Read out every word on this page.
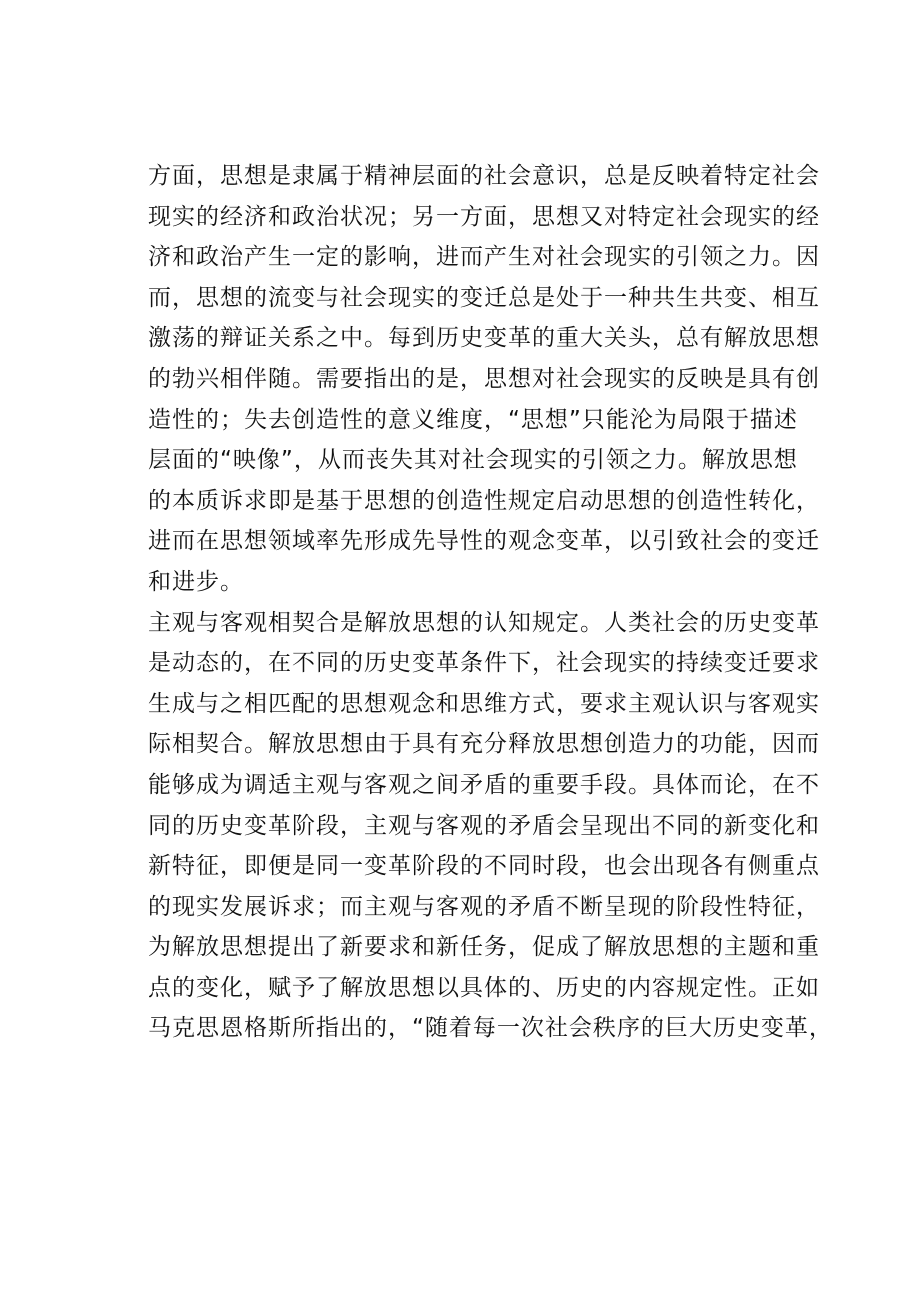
方面，思想是隶属于精神层面的社会意识，总是反映着特定社会
现实的经济和政治状况；另一方面，思想又对特定社会现实的经
济和政治产生一定的影响，进而产生对社会现实的引领之力。因
而，思想的流变与社会现实的变迁总是处于一种共生共变、相互
激荡的辩证关系之中。每到历史变革的重大关头，总有解放思想
的勃兴相伴随。需要指出的是，思想对社会现实的反映是具有创
造性的；失去创造性的意义维度，“思想”只能沦为局限于描述
层面的“映像”，从而丧失其对社会现实的引领之力。解放思想
的本质诉求即是基于思想的创造性规定启动思想的创造性转化，
进而在思想领域率先形成先导性的观念变革，以引致社会的变迁
和进步。
主观与客观相契合是解放思想的认知规定。人类社会的历史变革
是动态的，在不同的历史变革条件下，社会现实的持续变迁要求
生成与之相匹配的思想观念和思维方式，要求主观认识与客观实
际相契合。解放思想由于具有充分释放思想创造力的功能，因而
能够成为调适主观与客观之间矛盾的重要手段。具体而论，在不
同的历史变革阶段，主观与客观的矛盾会呈现出不同的新变化和
新特征，即便是同一变革阶段的不同时段，也会出现各有侧重点
的现实发展诉求；而主观与客观的矛盾不断呈现的阶段性特征，
为解放思想提出了新要求和新任务，促成了解放思想的主题和重
点的变化，赋予了解放思想以具体的、历史的内容规定性。正如
马克思恩格斯所指出的，“随着每一次社会秩序的巨大历史变革，
